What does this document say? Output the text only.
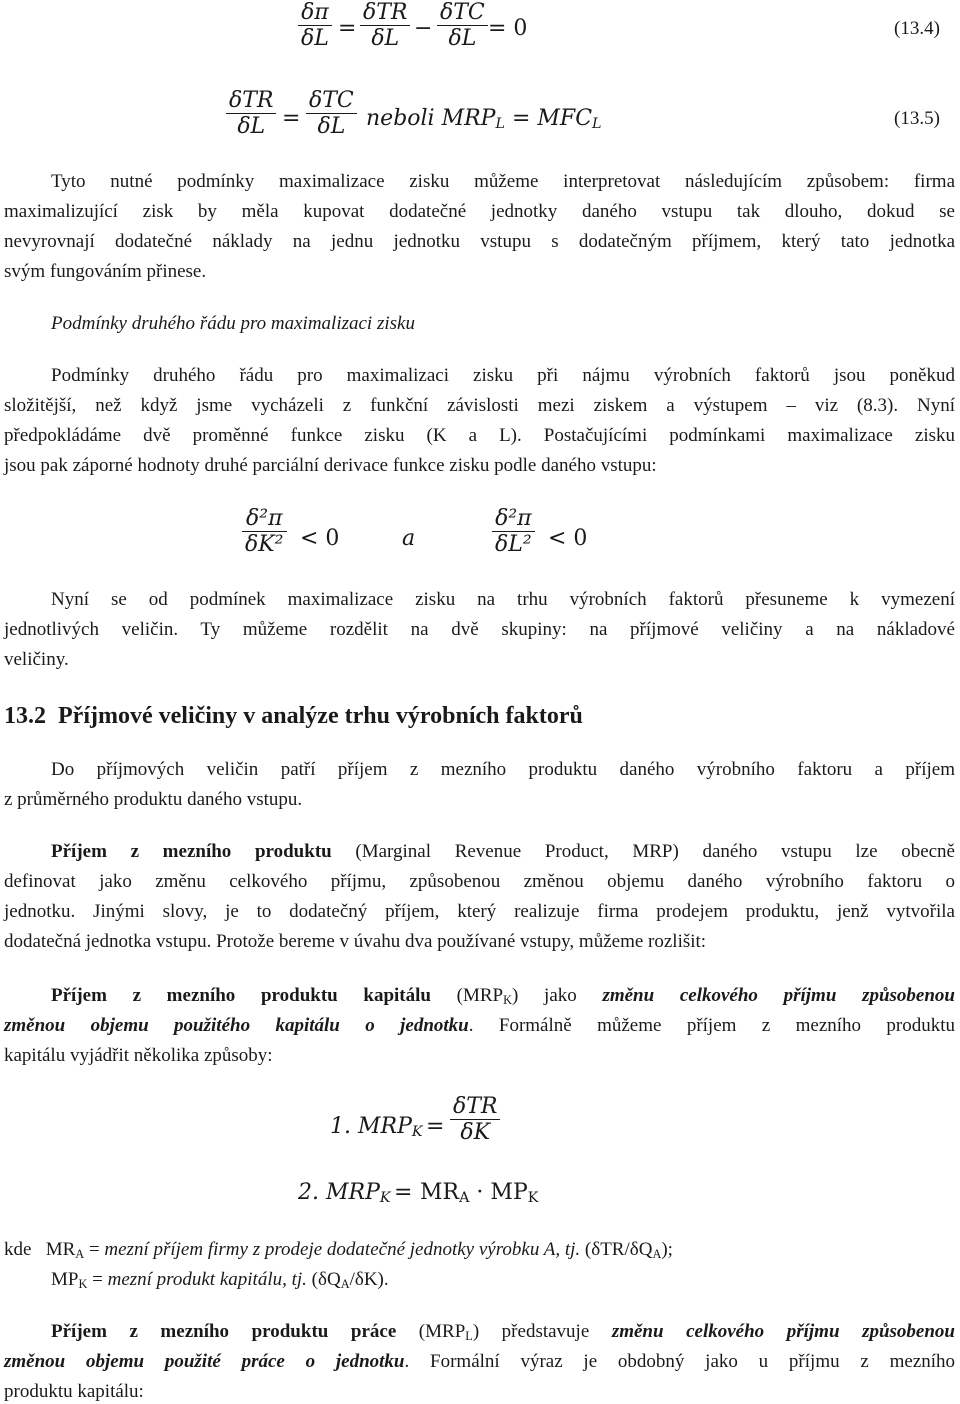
δπ
δL =
δTR
δL −
δTC
δL = 0	(13.4)
δTR
δL =
δTC
δL neboli $MRP_L = MFC_L$	(13.5)
Tyto nutné podmínky maximalizace zisku můžeme interpretovat následujícím způsobem: firma
maximalizující zisk by měla kupovat dodatečné jednotky daného vstupu tak dlouho, dokud se
nevyrovnají dodatečné náklady na jednu jednotku vstupu s dodatečným příjmem, který tato jednotka
svým fungováním přinese.
Podmínky druhého řádu pro maximalizaci zisku
Podmínky druhého řádu pro maximalizaci zisku při nájmu výrobních faktorů jsou poněkud
složitější, než když jsme vycházeli z funkční závislosti mezi ziskem a výstupem – viz (8.3). Nyní
předpokládáme dvě proměnné funkce zisku (K a L). Postačujícími podmínkami maximalizace zisku
jsou pak záporné hodnoty druhé parciální derivace funkce zisku podle daného vstupu:
δ²π
δK² < 0	a
δ²π
δL² < 0
Nyní se od podmínek maximalizace zisku na trhu výrobních faktorů přesuneme k vymezení
jednotlivých veličin. Ty můžeme rozdělit na dvě skupiny: na příjmové veličiny a na nákladové
veličiny.
13.2 Příjmové veličiny v analýze trhu výrobních faktorů
Do příjmových veličin patří příjem z mezního produktu daného výrobního faktoru a příjem
z průměrného produktu daného vstupu.
Příjem z mezního produktu (Marginal Revenue Product, MRP) daného vstupu lze obecně
definovat jako změnu celkového příjmu, způsobenou změnou objemu daného výrobního faktoru o
jednotku. Jinými slovy, je to dodatečný příjem, který realizuje firma prodejem produktu, jenž vytvořila
dodatečná jednotka vstupu. Protože bereme v úvahu dva používané vstupy, můžeme rozlišit:
Příjem z mezního produktu kapitálu $(MRP_K)$ jako změnu celkového příjmu způsobenou
změnou objemu použitého kapitálu o jednotku. Formálně můžeme příjem z mezního produktu
kapitálu vyjádřit několika způsoby:
1. $MRP_K$ =
δTR
δK
2. $MRP_K = MR_A \cdot MP_K$
kde $MR_A$ = mezní příjem firmy z prodeje dodatečné jednotky výrobku A, tj. $(\delta TR/\delta Q_A)$;
$MP_K$ = mezní produkt kapitálu, tj. $(\delta Q_A/\delta K)$.
Příjem z mezního produktu práce $(MRP_L)$ představuje změnu celkového příjmu způsobenou
změnou objemu použité práce o jednotku. Formální výraz je obdobný jako u příjmu z mezního
produktu kapitálu:
